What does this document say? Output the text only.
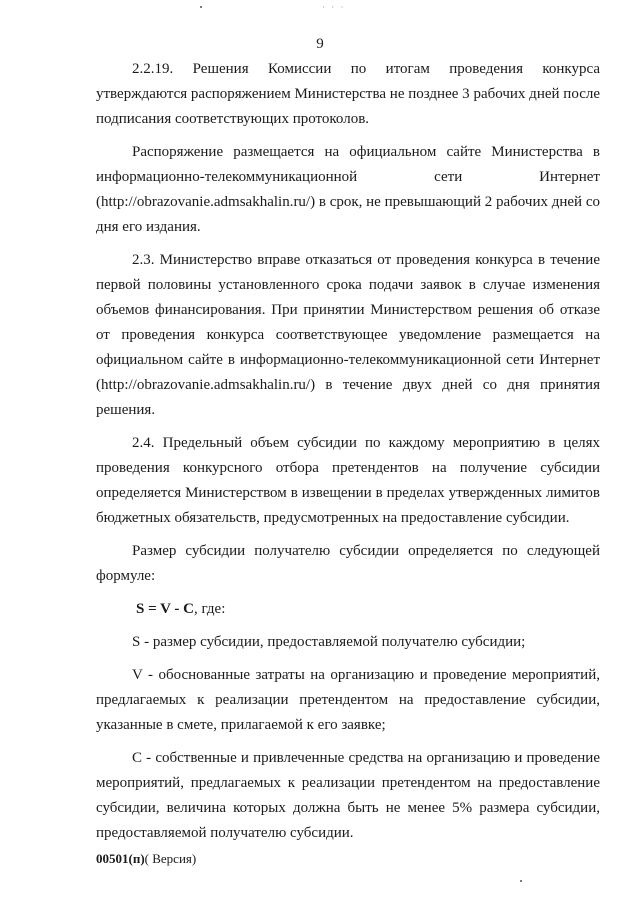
· · ·
9

2.2.19. Решения Комиссии по итогам проведения конкурса утверждаются распоряжением Министерства не позднее 3 рабочих дней после подписания соответствующих протоколов.

Распоряжение размещается на официальном сайте Министерства в информационно-телекоммуникационной сети Интернет (http://obrazovanie.admsakhalin.ru/) в срок, не превышающий 2 рабочих дней со дня его издания.

2.3. Министерство вправе отказаться от проведения конкурса в течение первой половины установленного срока подачи заявок в случае изменения объемов финансирования. При принятии Министерством решения об отказе от проведения конкурса соответствующее уведомление размещается на официальном сайте в информационно-телекоммуникационной сети Интернет (http://obrazovanie.admsakhalin.ru/) в течение двух дней со дня принятия решения.

2.4. Предельный объем субсидии по каждому мероприятию в целях проведения конкурсного отбора претендентов на получение субсидии определяется Министерством в извещении в пределах утвержденных лимитов бюджетных обязательств, предусмотренных на предоставление субсидии.

Размер субсидии получателю субсидии определяется по следующей формуле:

S = V - C, где:

S - размер субсидии, предоставляемой получателю субсидии;

V - обоснованные затраты на организацию и проведение мероприятий, предлагаемых к реализации претендентом на предоставление субсидии, указанные в смете, прилагаемой к его заявке;

С - собственные и привлеченные средства на организацию и проведение мероприятий, предлагаемых к реализации претендентом на предоставление субсидии, величина которых должна быть не менее 5% размера субсидии, предоставляемой получателю субсидии.

00501(п)( Версия)
